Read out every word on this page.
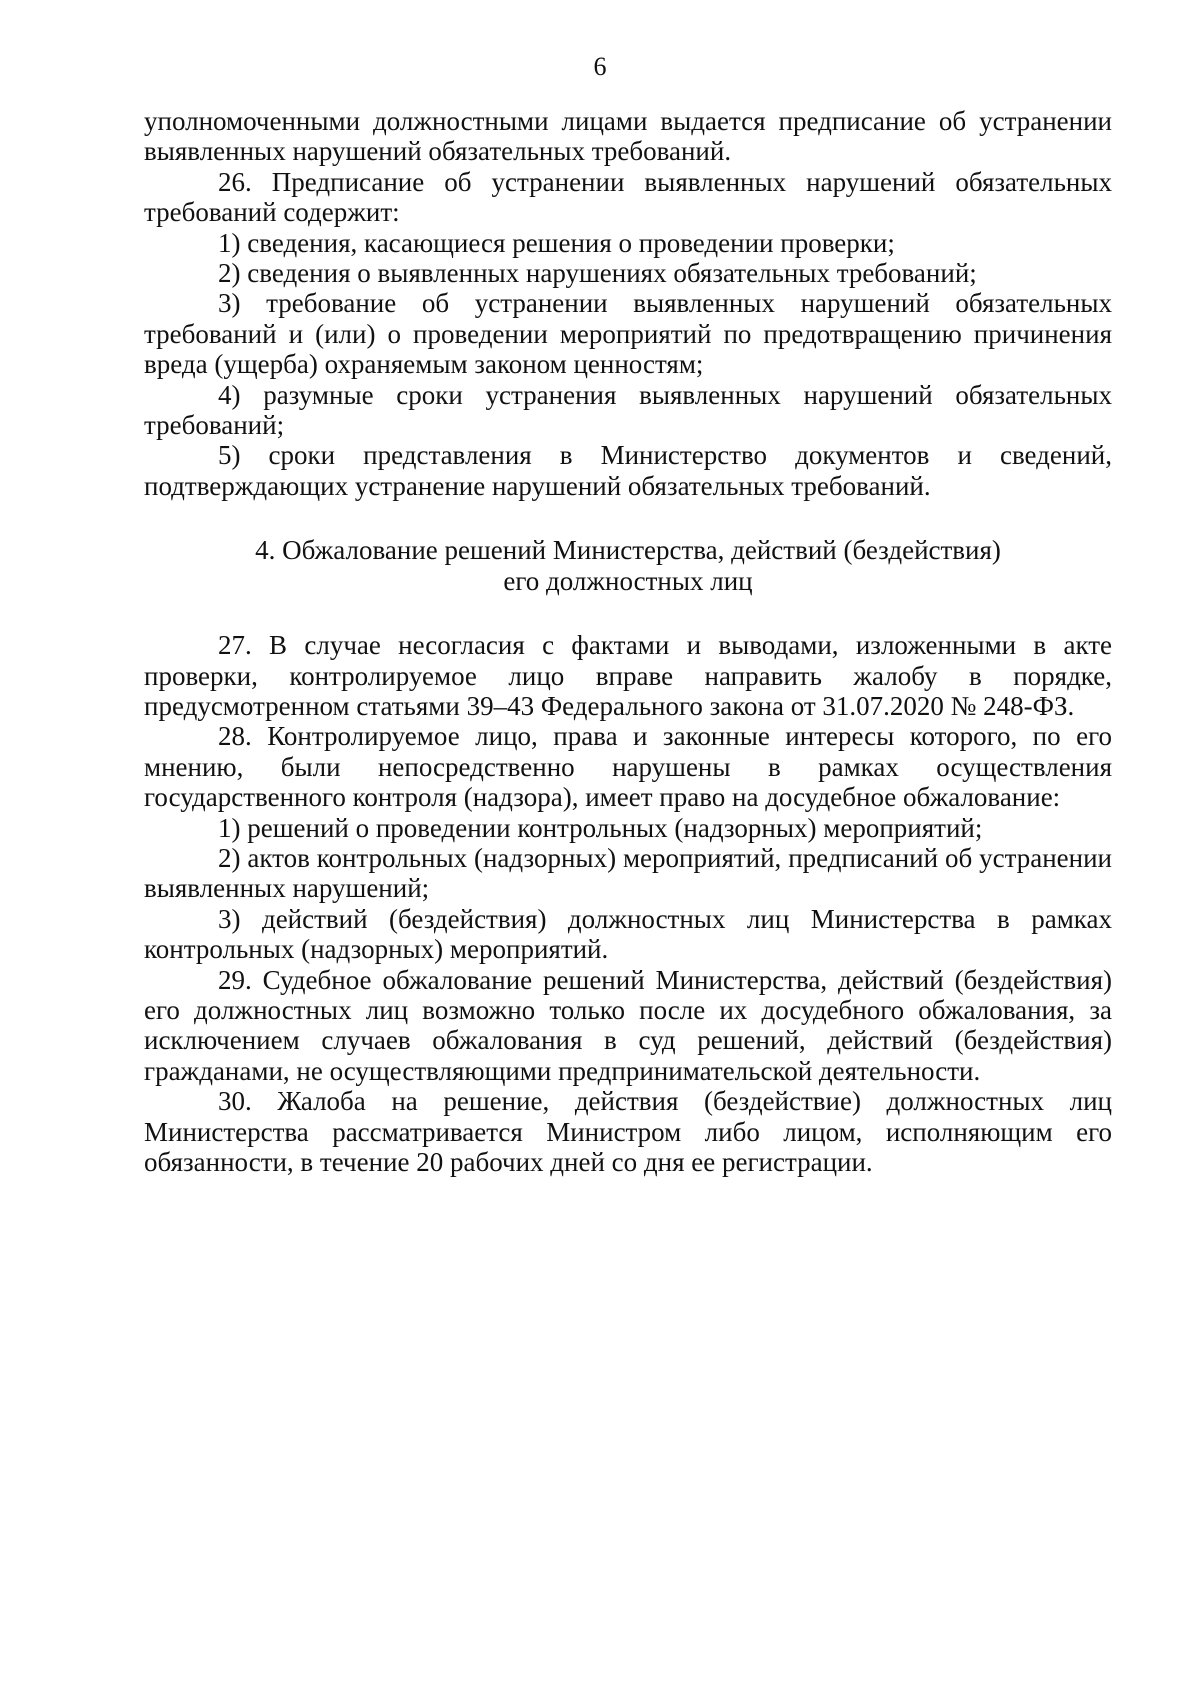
6

уполномоченными должностными лицами выдается предписание об устранении выявленных нарушений обязательных требований.

26. Предписание об устранении выявленных нарушений обязательных требований содержит:

1) сведения, касающиеся решения о проведении проверки;

2) сведения о выявленных нарушениях обязательных требований;

3) требование об устранении выявленных нарушений обязательных требований и (или) о проведении мероприятий по предотвращению причинения вреда (ущерба) охраняемым законом ценностям;

4) разумные сроки устранения выявленных нарушений обязательных требований;

5) сроки представления в Министерство документов и сведений, подтверждающих устранение нарушений обязательных требований.

4. Обжалование решений Министерства, действий (бездействия)
его должностных лиц

27. В случае несогласия с фактами и выводами, изложенными в акте проверки, контролируемое лицо вправе направить жалобу в порядке, предусмотренном статьями 39–43 Федерального закона от 31.07.2020 № 248-ФЗ.

28. Контролируемое лицо, права и законные интересы которого, по его мнению, были непосредственно нарушены в рамках осуществления государственного контроля (надзора), имеет право на досудебное обжалование:

1) решений о проведении контрольных (надзорных) мероприятий;

2) актов контрольных (надзорных) мероприятий, предписаний об устранении выявленных нарушений;

3) действий (бездействия) должностных лиц Министерства в рамках контрольных (надзорных) мероприятий.

29. Судебное обжалование решений Министерства, действий (бездействия) его должностных лиц возможно только после их досудебного обжалования, за исключением случаев обжалования в суд решений, действий (бездействия) гражданами, не осуществляющими предпринимательской деятельности.

30. Жалоба на решение, действия (бездействие) должностных лиц Министерства рассматривается Министром либо лицом, исполняющим его обязанности, в течение 20 рабочих дней со дня ее регистрации.
